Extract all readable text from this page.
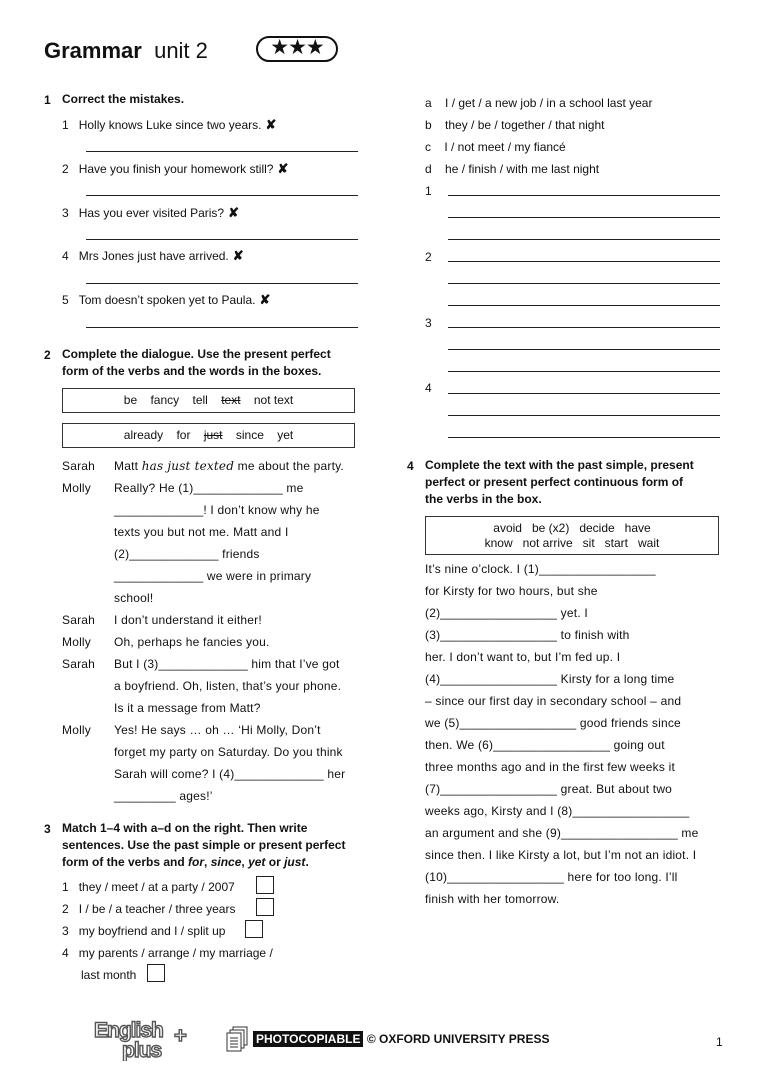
Grammar unit 2	★★★
1 Correct the mistakes.
1 Holly knows Luke since two years. ✘
2 Have you finish your homework still? ✘
3 Has you ever visited Paris? ✘
4 Mrs Jones just have arrived. ✘
5 Tom doesn’t spoken yet to Paula. ✘
2 Complete the dialogue. Use the present perfect
form of the verbs and the words in the boxes.
be fancy tell text not text
already for just since yet
Sarah Matt has just texted me about the party.
Molly Really? He (1)_____________ me
_____________! I don’t know why he
texts you but not me. Matt and I
(2)_____________ friends
_____________ we were in primary
school!
Sarah I don’t understand it either!
Molly Oh, perhaps he fancies you.
Sarah But I (3)_____________ him that I’ve got
a boyfriend. Oh, listen, that’s your phone.
Is it a message from Matt?
Molly Yes! He says … oh … ‘Hi Molly, Don’t
forget my party on Saturday. Do you think
Sarah will come? I (4)_____________ her
_________ ages!’
3 Match 1–4 with a–d on the right. Then write
sentences. Use the past simple or present perfect
form of the verbs and for, since, yet or just.
1 they / meet / at a party / 2007
2 I / be / a teacher / three years
3 my boyfriend and I / split up
4 my parents / arrange / my marriage /
last month
a I / get / a new job / in a school last year
b they / be / together / that night
c I / not meet / my fiancé
d he / finish / with me last night
1
2
3
4
4 Complete the text with the past simple, present
perfect or present perfect continuous form of
the verbs in the box.
avoid   be (x2)   decide   have
know   not arrive   sit   start   wait
It’s nine o’clock. I (1)_________________
for Kirsty for two hours, but she
(2)_________________ yet. I
(3)_________________ to finish with
her. I don’t want to, but I’m fed up. I
(4)_________________ Kirsty for a long time
– since our first day in secondary school – and
we (5)_________________ good friends since
then. We (6)_________________ going out
three months ago and in the first few weeks it
(7)_________________ great. But about two
weeks ago, Kirsty and I (8)_________________
an argument and she (9)_________________ me
since then. I like Kirsty a lot, but I’m not an idiot. I
(10)_________________ here for too long. I’ll
finish with her tomorrow.
English
plus
+	PHOTOCOPIABLE © OXFORD UNIVERSITY PRESS	1
